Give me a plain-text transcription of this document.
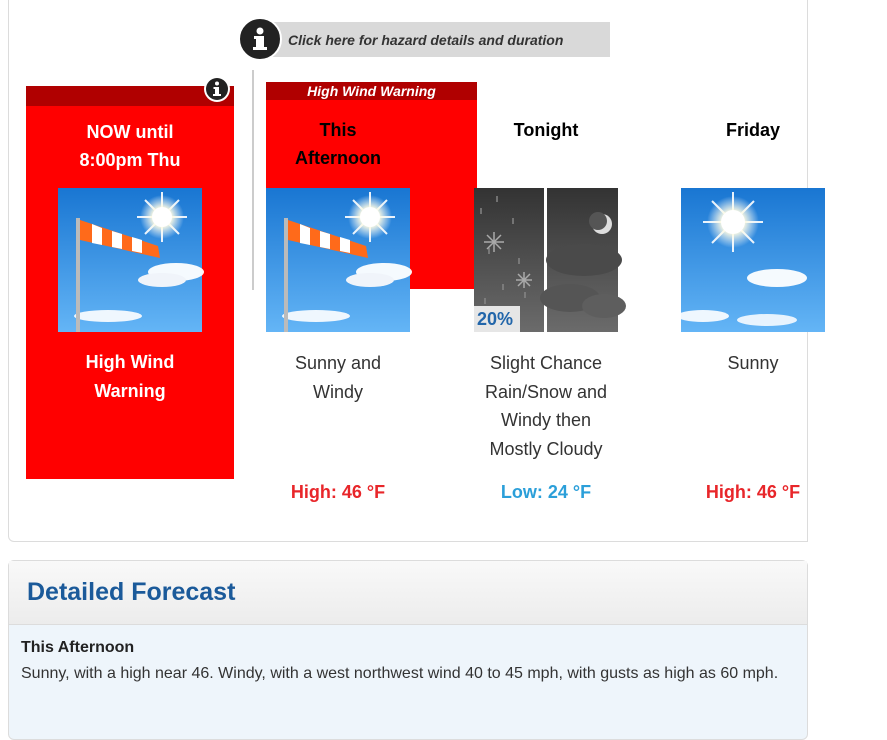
Click here for hazard details and duration
NOW until
8:00pm Thu
High Wind
Warning
High Wind Warning
This
Afternoon
Sunny and
Windy
High: 46 °F
Tonight
20%
Slight Chance
Rain/Snow and
Windy then
Mostly Cloudy
Low: 24 °F
Friday
Sunny
High: 46 °F
Detailed Forecast
This Afternoon
Sunny, with a high near 46. Windy, with a west northwest wind 40 to 45 mph, with gusts as high as 60 mph.
